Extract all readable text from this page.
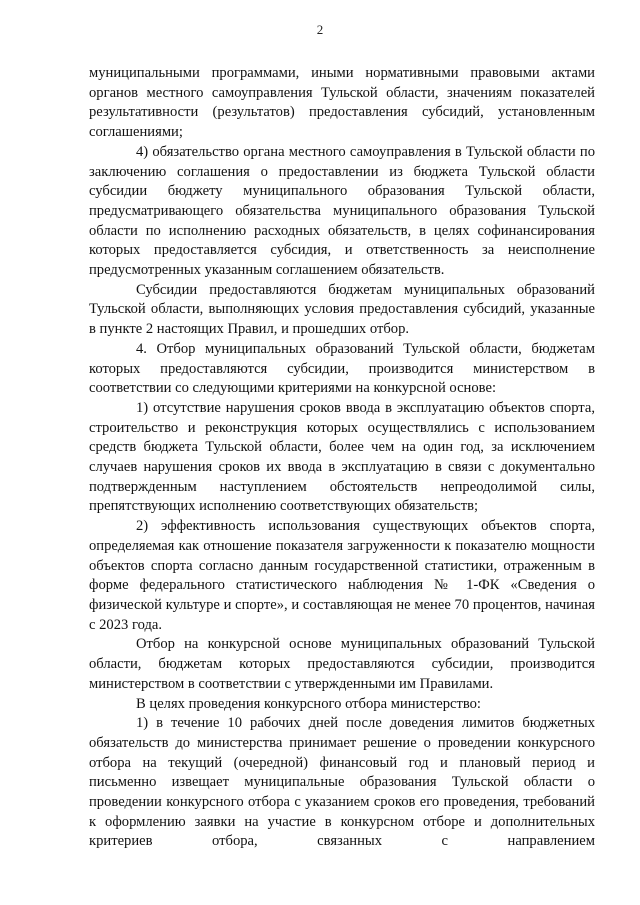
2

муниципальными программами, иными нормативными правовыми актами органов местного самоуправления Тульской области, значениям показателей результативности (результатов) предоставления субсидий, установленным соглашениями;

4) обязательство органа местного самоуправления в Тульской области по заключению соглашения о предоставлении из бюджета Тульской области субсидии бюджету муниципального образования Тульской области, предусматривающего обязательства муниципального образования Тульской области по исполнению расходных обязательств, в целях софинансирования которых предоставляется субсидия, и ответственность за неисполнение предусмотренных указанным соглашением обязательств.

Субсидии предоставляются бюджетам муниципальных образований Тульской области, выполняющих условия предоставления субсидий, указанные в пункте 2 настоящих Правил, и прошедших отбор.

4. Отбор муниципальных образований Тульской области, бюджетам которых предоставляются субсидии, производится министерством в соответствии со следующими критериями на конкурсной основе:

1) отсутствие нарушения сроков ввода в эксплуатацию объектов спорта, строительство и реконструкция которых осуществлялись с использованием средств бюджета Тульской области, более чем на один год, за исключением случаев нарушения сроков их ввода в эксплуатацию в связи с документально подтвержденным наступлением обстоятельств непреодолимой силы, препятствующих исполнению соответствующих обязательств;

2) эффективность использования существующих объектов спорта, определяемая как отношение показателя загруженности к показателю мощности объектов спорта согласно данным государственной статистики, отраженным в форме федерального статистического наблюдения № 1-ФК «Сведения о физической культуре и спорте», и составляющая не менее 70 процентов, начиная с 2023 года.

Отбор на конкурсной основе муниципальных образований Тульской области, бюджетам которых предоставляются субсидии, производится министерством в соответствии с утвержденными им Правилами.

В целях проведения конкурсного отбора министерство:

1) в течение 10 рабочих дней после доведения лимитов бюджетных обязательств до министерства принимает решение о проведении конкурсного отбора на текущий (очередной) финансовый год и плановый период и письменно извещает муниципальные образования Тульской области о проведении конкурсного отбора с указанием сроков его проведения, требований к оформлению заявки на участие в конкурсном отборе и дополнительных критериев отбора, связанных с направлением
